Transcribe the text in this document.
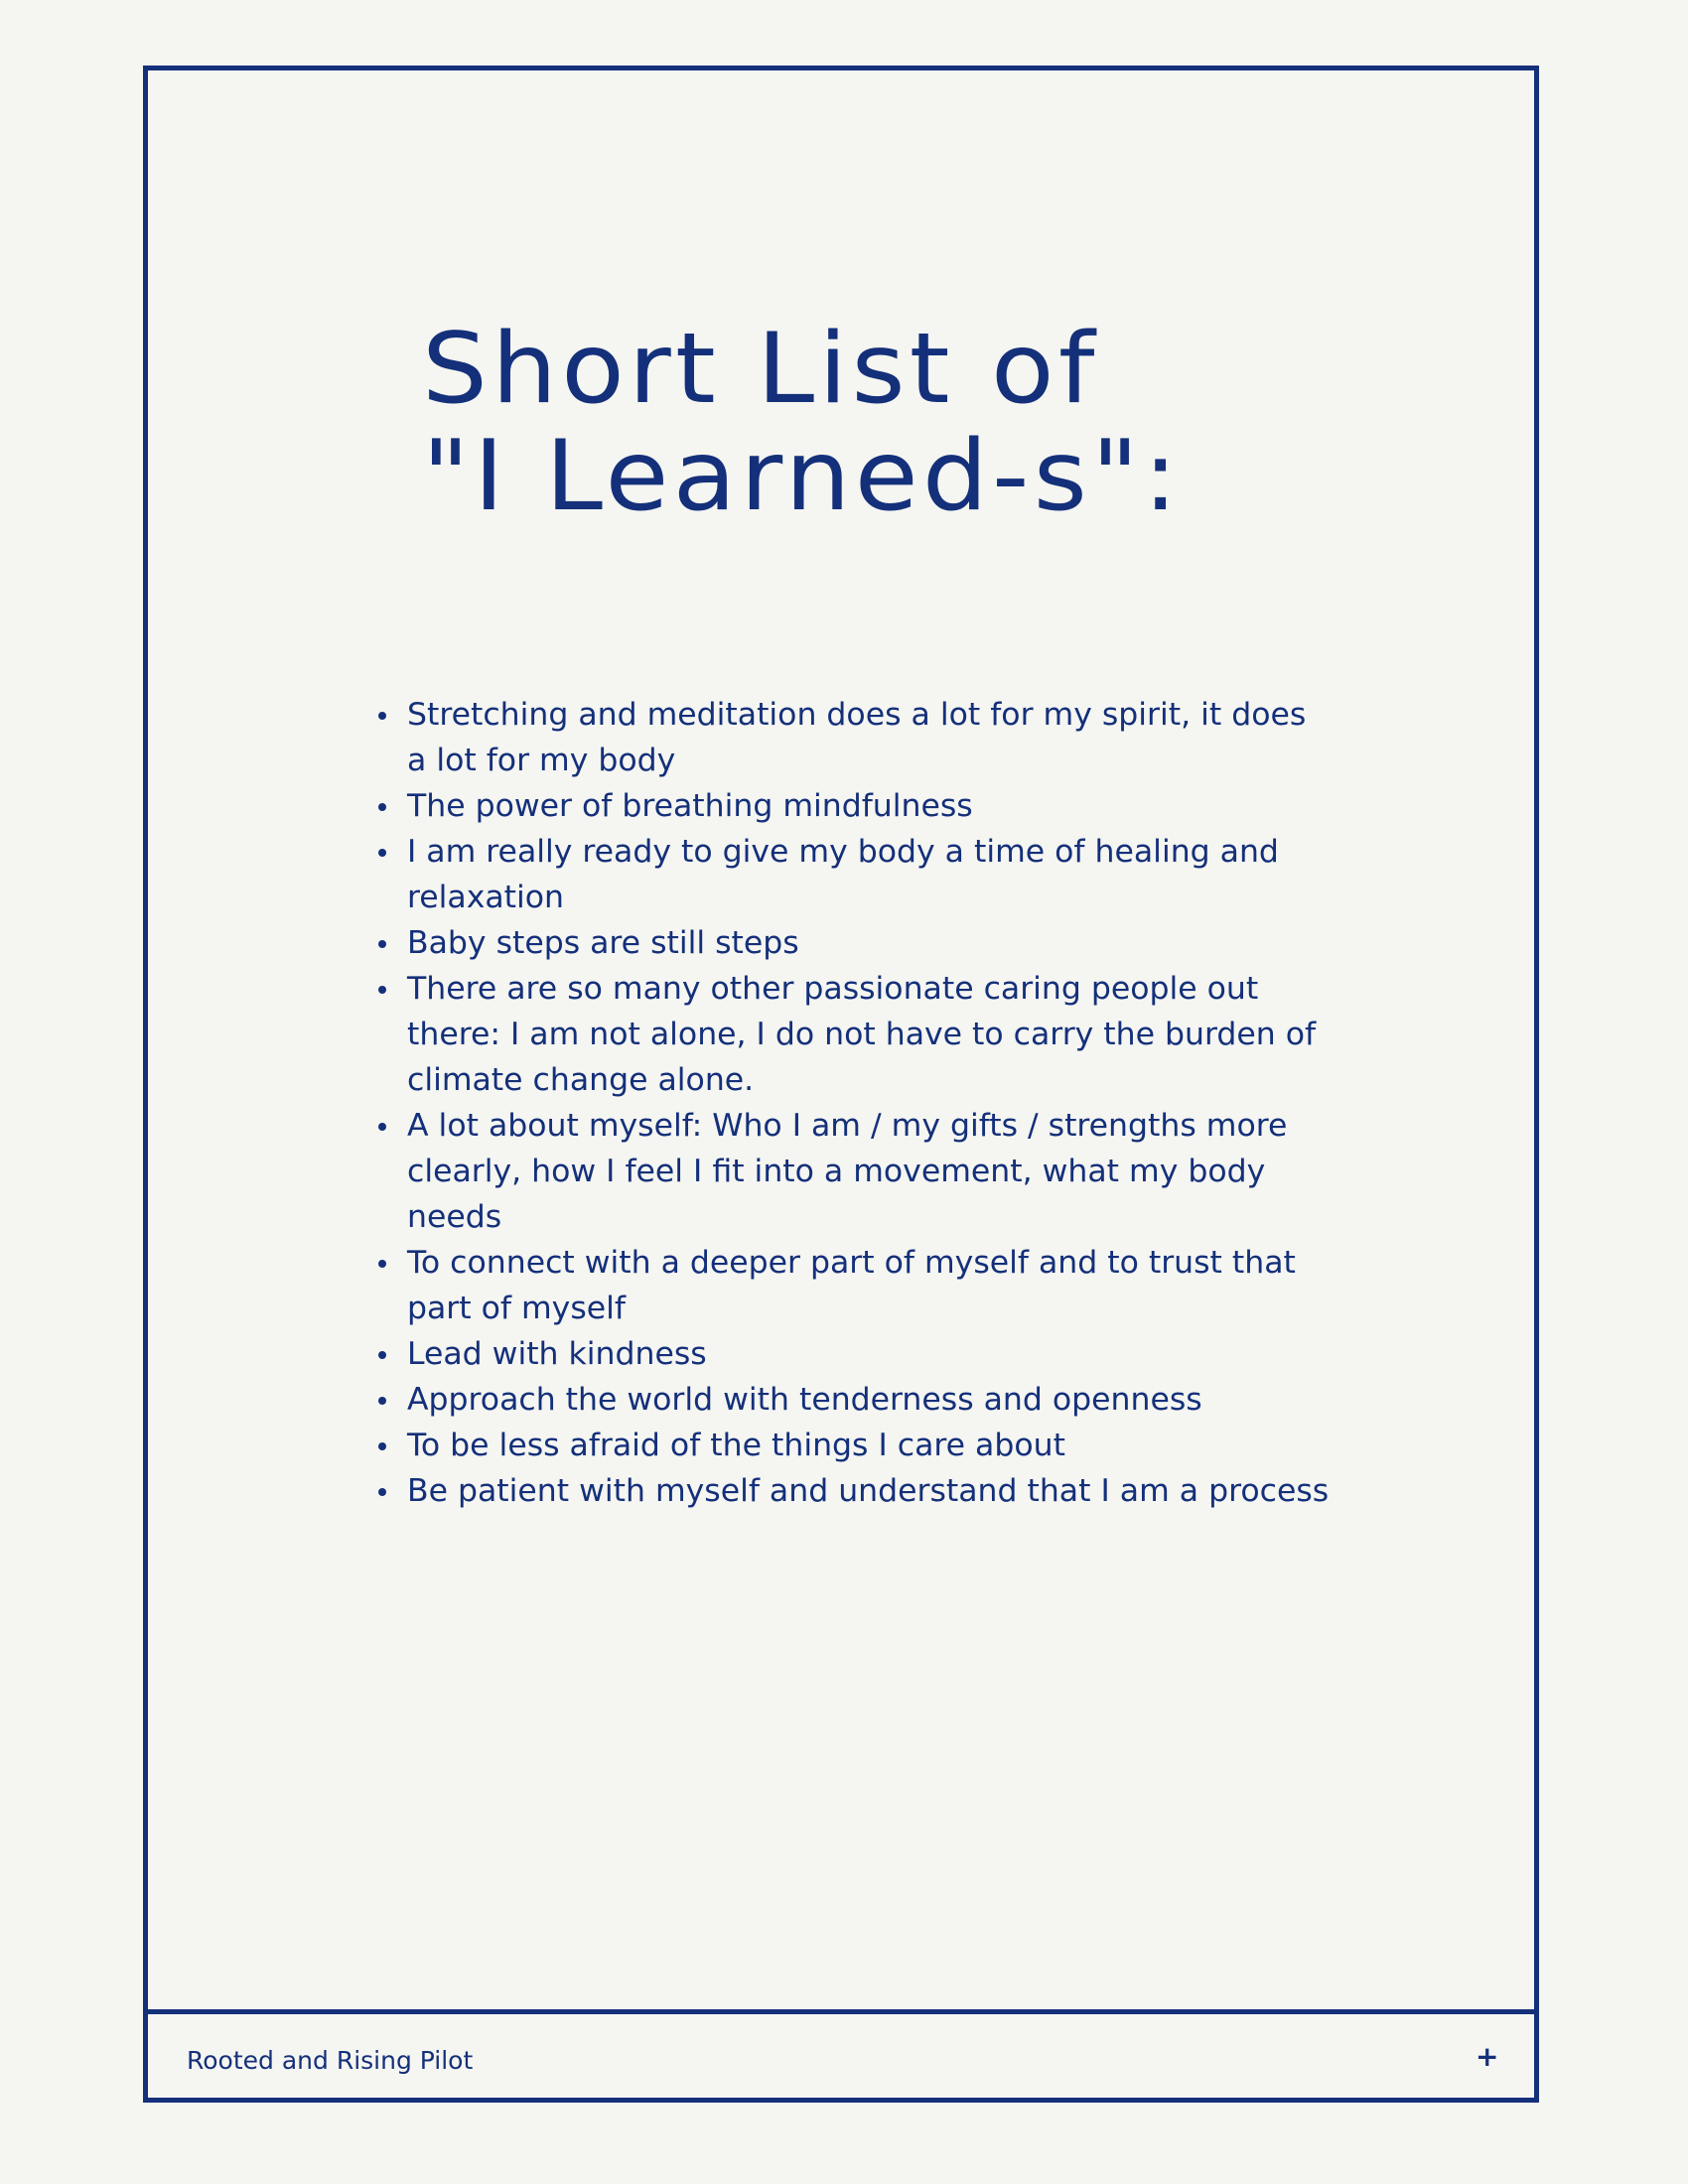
Short List of
"I Learned-s":
Stretching and meditation does a lot for my spirit, it does a lot for my body
The power of breathing mindfulness
I am really ready to give my body a time of healing and relaxation
Baby steps are still steps
There are so many other passionate caring people out there: I am not alone, I do not have to carry the burden of climate change alone.
A lot about myself: Who I am / my gifts / strengths more clearly, how I feel I fit into a movement, what my body needs
To connect with a deeper part of myself and to trust that part of myself
Lead with kindness
Approach the world with tenderness and openness
To be less afraid of the things I care about
Be patient with myself and understand that I am a process
Rooted and Rising Pilot	+
